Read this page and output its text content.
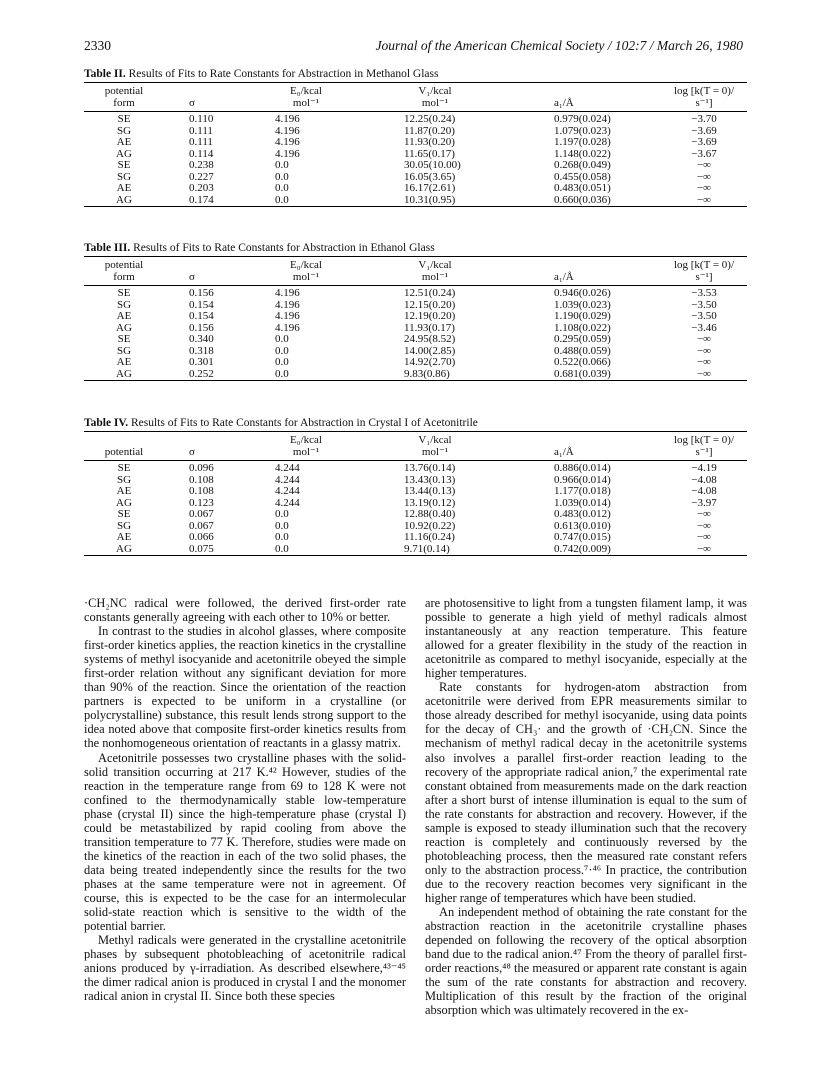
2330	Journal of the American Chemical Society / 102:7 / March 26, 1980
Table II. Results of Fits to Rate Constants for Abstraction in Methanol Glass
potential
form	σ
E₀/kcal
mol⁻¹
V₁/kcal
mol⁻¹	a₁/Å
log [k(T = 0)/
s⁻¹]
SE	0.110	4.196	12.25(0.24)	0.979(0.024)	−3.70
SG	0.111	4.196	11.87(0.20)	1.079(0.023)	−3.69
AE	0.111	4.196	11.93(0.20)	1.197(0.028)	−3.69
AG	0.114	4.196	11.65(0.17)	1.148(0.022)	−3.67
SE	0.238	0.0	30.05(10.00)	0.268(0.049)	−∞
SG	0.227	0.0	16.05(3.65)	0.455(0.058)	−∞
AE	0.203	0.0	16.17(2.61)	0.483(0.051)	−∞
AG	0.174	0.0	10.31(0.95)	0.660(0.036)	−∞
Table III. Results of Fits to Rate Constants for Abstraction in Ethanol Glass
potential
form	σ
E₀/kcal
mol⁻¹
V₁/kcal
mol⁻¹	a₁/Å
log [k(T = 0)/
s⁻¹]
SE	0.156	4.196	12.51(0.24)	0.946(0.026)	−3.53
SG	0.154	4.196	12.15(0.20)	1.039(0.023)	−3.50
AE	0.154	4.196	12.19(0.20)	1.190(0.029)	−3.50
AG	0.156	4.196	11.93(0.17)	1.108(0.022)	−3.46
SE	0.340	0.0	24.95(8.52)	0.295(0.059)	−∞
SG	0.318	0.0	14.00(2.85)	0.488(0.059)	−∞
AE	0.301	0.0	14.92(2.70)	0.522(0.066)	−∞
AG	0.252	0.0	9.83(0.86)	0.681(0.039)	−∞
Table IV. Results of Fits to Rate Constants for Abstraction in Crystal I of Acetonitrile
potential	σ
E₀/kcal
mol⁻¹
V₁/kcal
mol⁻¹	a₁/Å
log [k(T = 0)/
s⁻¹]
SE	0.096	4.244	13.76(0.14)	0.886(0.014)	−4.19
SG	0.108	4.244	13.43(0.13)	0.966(0.014)	−4.08
AE	0.108	4.244	13.44(0.13)	1.177(0.018)	−4.08
AG	0.123	4.244	13.19(0.12)	1.039(0.014)	−3.97
SE	0.067	0.0	12.88(0.40)	0.483(0.012)	−∞
SG	0.067	0.0	10.92(0.22)	0.613(0.010)	−∞
AE	0.066	0.0	11.16(0.24)	0.747(0.015)	−∞
AG	0.075	0.0	9.71(0.14)	0.742(0.009)	−∞

·CH₂NC radical were followed, the derived first-order rate constants generally agreeing with each other to 10% or better.

In contrast to the studies in alcohol glasses, where composite first-order kinetics applies, the reaction kinetics in the crystalline systems of methyl isocyanide and acetonitrile obeyed the simple first-order relation without any significant deviation for more than 90% of the reaction. Since the orientation of the reaction partners is expected to be uniform in a crystalline (or polycrystalline) substance, this result lends strong support to the idea noted above that composite first-order kinetics results from the nonhomogeneous orientation of reactants in a glassy matrix.

Acetonitrile possesses two crystalline phases with the solid-solid transition occurring at 217 K.⁴² However, studies of the reaction in the temperature range from 69 to 128 K were not confined to the thermodynamically stable low-temperature phase (crystal II) since the high-temperature phase (crystal I) could be metastabilized by rapid cooling from above the transition temperature to 77 K. Therefore, studies were made on the kinetics of the reaction in each of the two solid phases, the data being treated independently since the results for the two phases at the same temperature were not in agreement. Of course, this is expected to be the case for an intermolecular solid-state reaction which is sensitive to the width of the potential barrier.

Methyl radicals were generated in the crystalline acetonitrile phases by subsequent photobleaching of acetonitrile radical anions produced by γ-irradiation. As described elsewhere,⁴³⁻⁴⁵ the dimer radical anion is produced in crystal I and the monomer radical anion in crystal II. Since both these species

are photosensitive to light from a tungsten filament lamp, it was possible to generate a high yield of methyl radicals almost instantaneously at any reaction temperature. This feature allowed for a greater flexibility in the study of the reaction in acetonitrile as compared to methyl isocyanide, especially at the higher temperatures.

Rate constants for hydrogen-atom abstraction from acetonitrile were derived from EPR measurements similar to those already described for methyl isocyanide, using data points for the decay of CH₃· and the growth of ·CH₂CN. Since the mechanism of methyl radical decay in the acetonitrile systems also involves a parallel first-order reaction leading to the recovery of the appropriate radical anion,⁷ the experimental rate constant obtained from measurements made on the dark reaction after a short burst of intense illumination is equal to the sum of the rate constants for abstraction and recovery. However, if the sample is exposed to steady illumination such that the recovery reaction is completely and continuously reversed by the photobleaching process, then the measured rate constant refers only to the abstraction process.⁷·⁴⁶ In practice, the contribution due to the recovery reaction becomes very significant in the higher range of temperatures which have been studied.

An independent method of obtaining the rate constant for the abstraction reaction in the acetonitrile crystalline phases depended on following the recovery of the optical absorption band due to the radical anion.⁴⁷ From the theory of parallel first-order reactions,⁴⁸ the measured or apparent rate constant is again the sum of the rate constants for abstraction and recovery. Multiplication of this result by the fraction of the original absorption which was ultimately recovered in the ex-
